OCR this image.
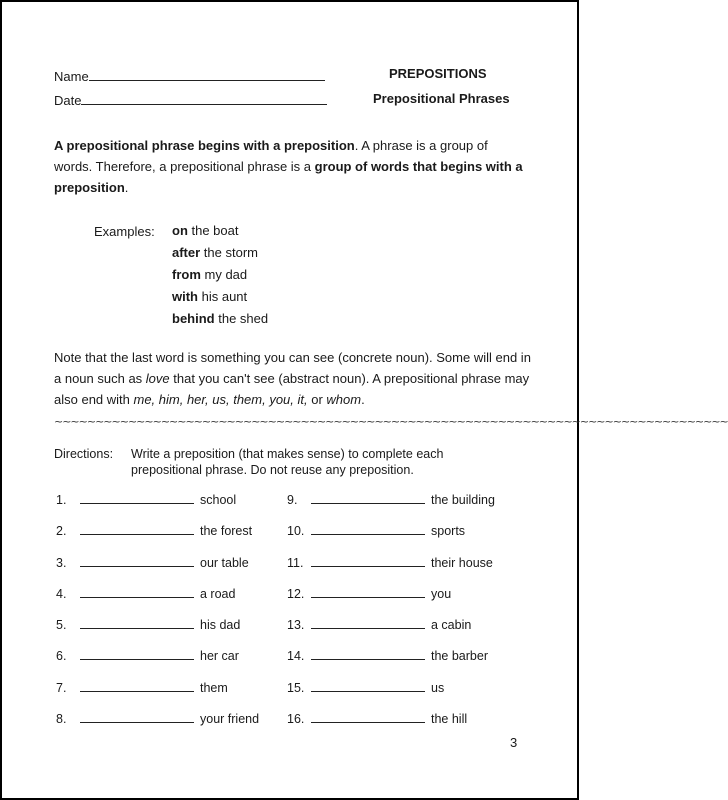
Name
Date
PREPOSITIONS
Prepositional Phrases
A prepositional phrase begins with a preposition. A phrase is a group of words. Therefore, a prepositional phrase is a group of words that begins with a preposition.
Examples: on the boat
after the storm
from my dad
with his aunt
behind the shed
Note that the last word is something you can see (concrete noun). Some will end in a noun such as love that you can't see (abstract noun). A prepositional phrase may also end with me, him, her, us, them, you, it, or whom.
~~~~~~~~~~~~~~~~~~~~~~~~~~~~~~~~~~~~~~~~~~~~~~~~~~~~~~~~~~~~~~~~~~~~~~~~~~~~~~~~~~
Directions: Write a preposition (that makes sense) to complete each
prepositional phrase. Do not reuse any preposition.
1.	school
2.	the forest
3.	our table
4.	a road
5.	his dad
6.	her car
7.	them
8.	your friend
9.	the building
10.	sports
11.	their house
12.	you
13.	a cabin
14.	the barber
15.	us
16.	the hill
3
